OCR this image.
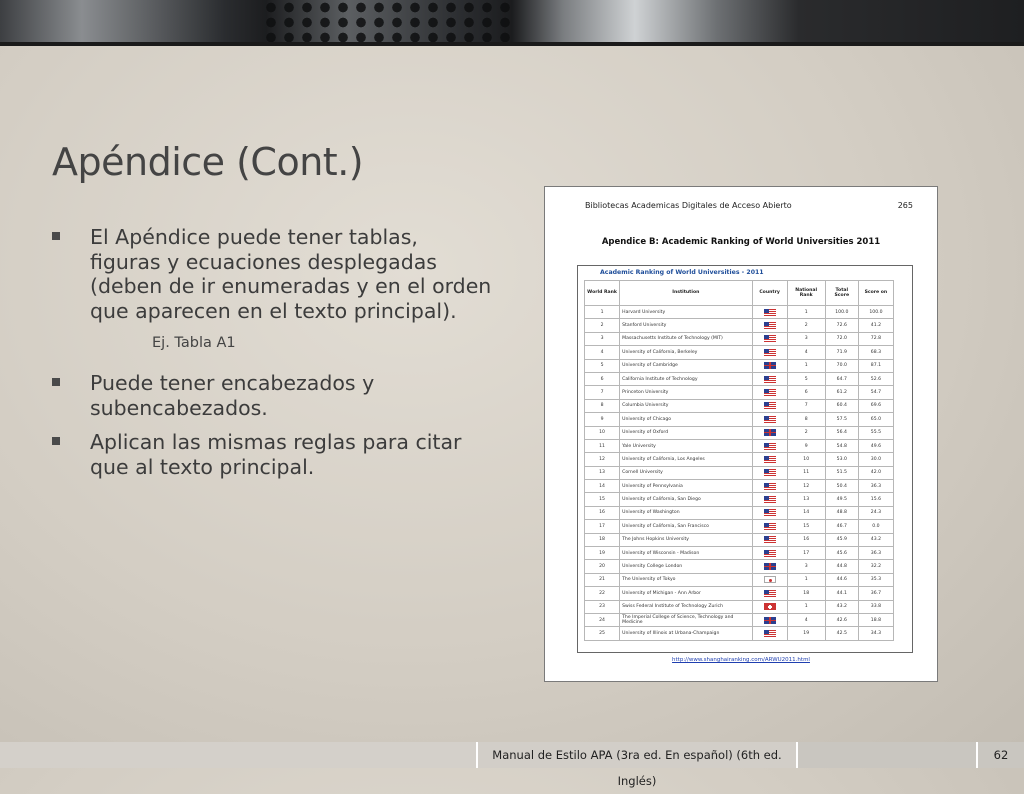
Apéndice (Cont.)
El Apéndice puede tener tablas, figuras y ecuaciones desplegadas (deben de ir enumeradas y en el orden que aparecen en el texto principal).
Ej. Tabla A1
Puede tener encabezados y subencabezados.
Aplican las mismas reglas para citar que al texto principal.
Bibliotecas Academicas Digitales de Acceso Abierto	265
Apendice B: Academic Ranking of World Universities 2011
Academic Ranking of World Universities - 2011
World Rank	Institution	Country	National Rank	Total Score	Score on
1	Harvard University		1	100.0	100.0
2	Stanford University		2	72.6	41.2
3	Massachusetts Institute of Technology (MIT)		3	72.0	72.8
4	University of California, Berkeley		4	71.9	68.3
5	University of Cambridge		1	70.0	87.1
6	California Institute of Technology		5	64.7	52.6
7	Princeton University		6	61.2	54.7
8	Columbia University		7	60.4	69.6
9	University of Chicago		8	57.5	65.0
10	University of Oxford		2	56.4	55.5
11	Yale University		9	54.8	49.6
12	University of California, Los Angeles		10	53.0	30.0
13	Cornell University		11	51.5	42.0
14	University of Pennsylvania		12	50.4	36.3
15	University of California, San Diego		13	49.5	15.6
16	University of Washington		14	48.8	24.3
17	University of California, San Francisco		15	46.7	0.0
18	The Johns Hopkins University		16	45.9	43.2
19	University of Wisconsin - Madison		17	45.6	36.3
20	University College London		3	44.8	32.2
21	The University of Tokyo		1	44.6	35.3
22	University of Michigan - Ann Arbor		18	44.1	36.7
23	Swiss Federal Institute of Technology Zurich		1	43.2	33.8
24	The Imperial College of Science, Technology and Medicine		4	42.6	18.8
25	University of Illinois at Urbana-Champaign		19	42.5	34.3
http://www.shanghairanking.com/ARWU2011.html
Manual de Estilo APA (3ra ed. En español) (6th ed. Inglés)
62
